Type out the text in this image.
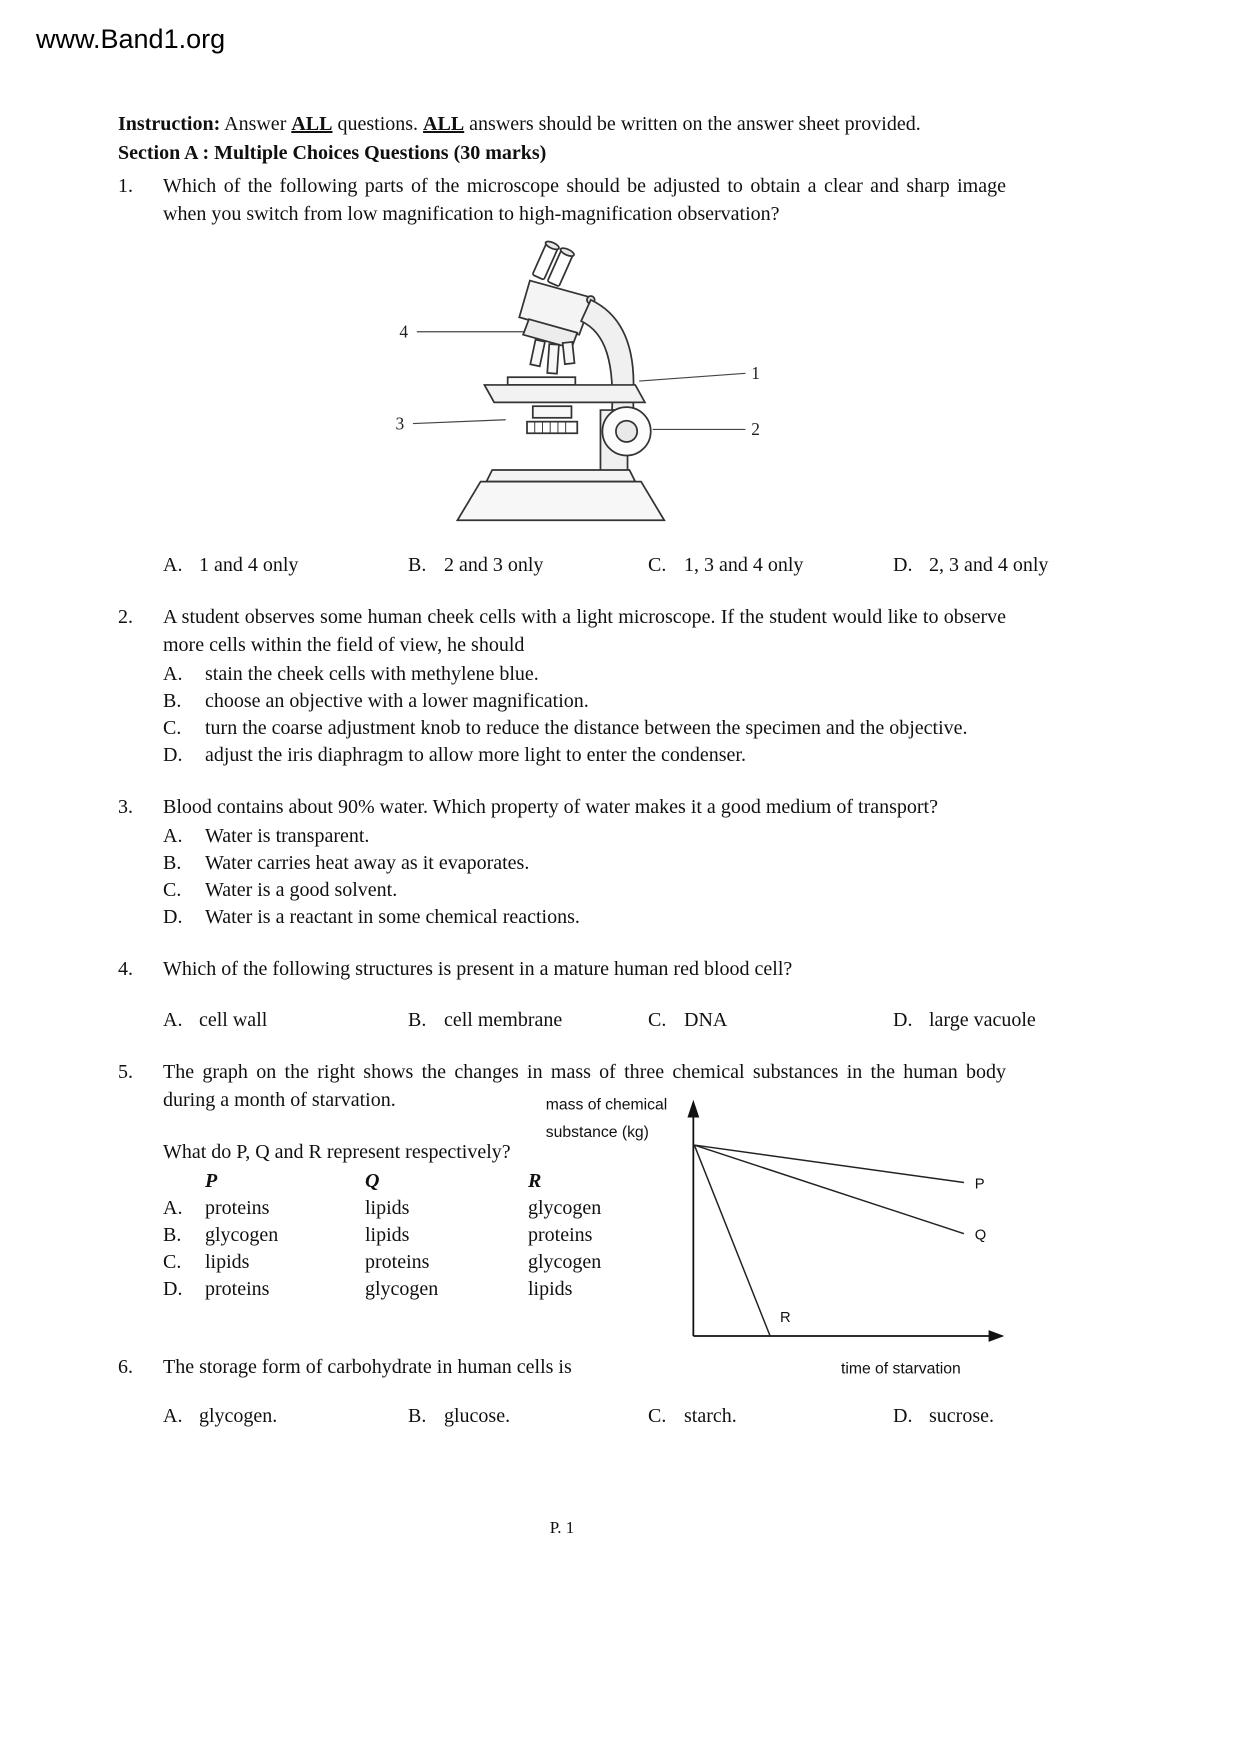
www.Band1.org

Instruction: Answer ALL questions. ALL answers should be written on the answer sheet provided.

Section A : Multiple Choices Questions (30 marks)
1.	Which of the following parts of the microscope should be adjusted to obtain a clear and sharp image when you switch from low magnification to high-magnification observation?

4
3
1
2
A. 1 and 4 only	B. 2 and 3 only	C. 1, 3 and 4 only	D. 2, 3 and 4 only
2.	A student observes some human cheek cells with a light microscope. If the student would like to observe more cells within the field of view, he should

A.	stain the cheek cells with methylene blue.
B.	choose an objective with a lower magnification.
C.	turn the coarse adjustment knob to reduce the distance between the specimen and the objective.
D.	adjust the iris diaphragm to allow more light to enter the condenser.
3.	Blood contains about 90% water. Which property of water makes it a good medium of transport?

A.	Water is transparent.
B.	Water carries heat away as it evaporates.
C.	Water is a good solvent.
D.	Water is a reactant in some chemical reactions.
4.	Which of the following structures is present in a mature human red blood cell?

A. cell wall	B. cell membrane	C. DNA	D. large vacuole
5.	The graph on the right shows the changes in mass of three chemical substances in the human body during a month of starvation.

What do P, Q and R represent respectively?

P	Q	R
A.	proteins	lipids	glycogen
B.	glycogen	lipids	proteins
C.	lipids	proteins	glycogen
D.	proteins	glycogen	lipids
mass of chemical
substance (kg)
P
Q
R
time of starvation
6.	The storage form of carbohydrate in human cells is

A. glycogen.	B. glucose.	C. starch.	D. sucrose.
P. 1
